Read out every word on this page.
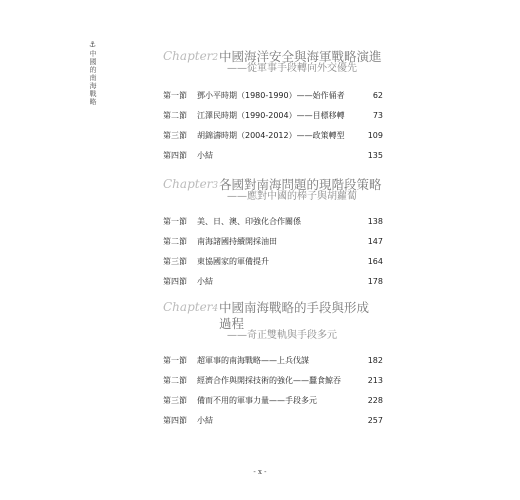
⚓
中國的南海戰略	Chapter2 中國海洋安全與海軍戰略演進
——從軍事手段轉向外交優先
第一節 鄧小平時期（1980-1990）——始作俑者	62
第二節 江澤民時期（1990-2004）——目標移轉	73
第三節 胡錦濤時期（2004-2012）——政策轉型	109
第四節 小結	135
Chapter3 各國對南海問題的現階段策略
——應對中國的棒子與胡蘿蔔
第一節 美、日、澳、印強化合作關係	138
第二節 南海諸國持續開採油田	147
第三節 東協國家的軍備提升	164
第四節 小結	178
Chapter4 中國南海戰略的手段與形成過程
——奇正雙軌與手段多元
第一節 超軍事的南海戰略——上兵伐謀	182
第二節 經濟合作與開採技術的強化——蠶食鯨吞	213
第三節 備而不用的軍事力量——手段多元	228
第四節 小結	257
- x -
